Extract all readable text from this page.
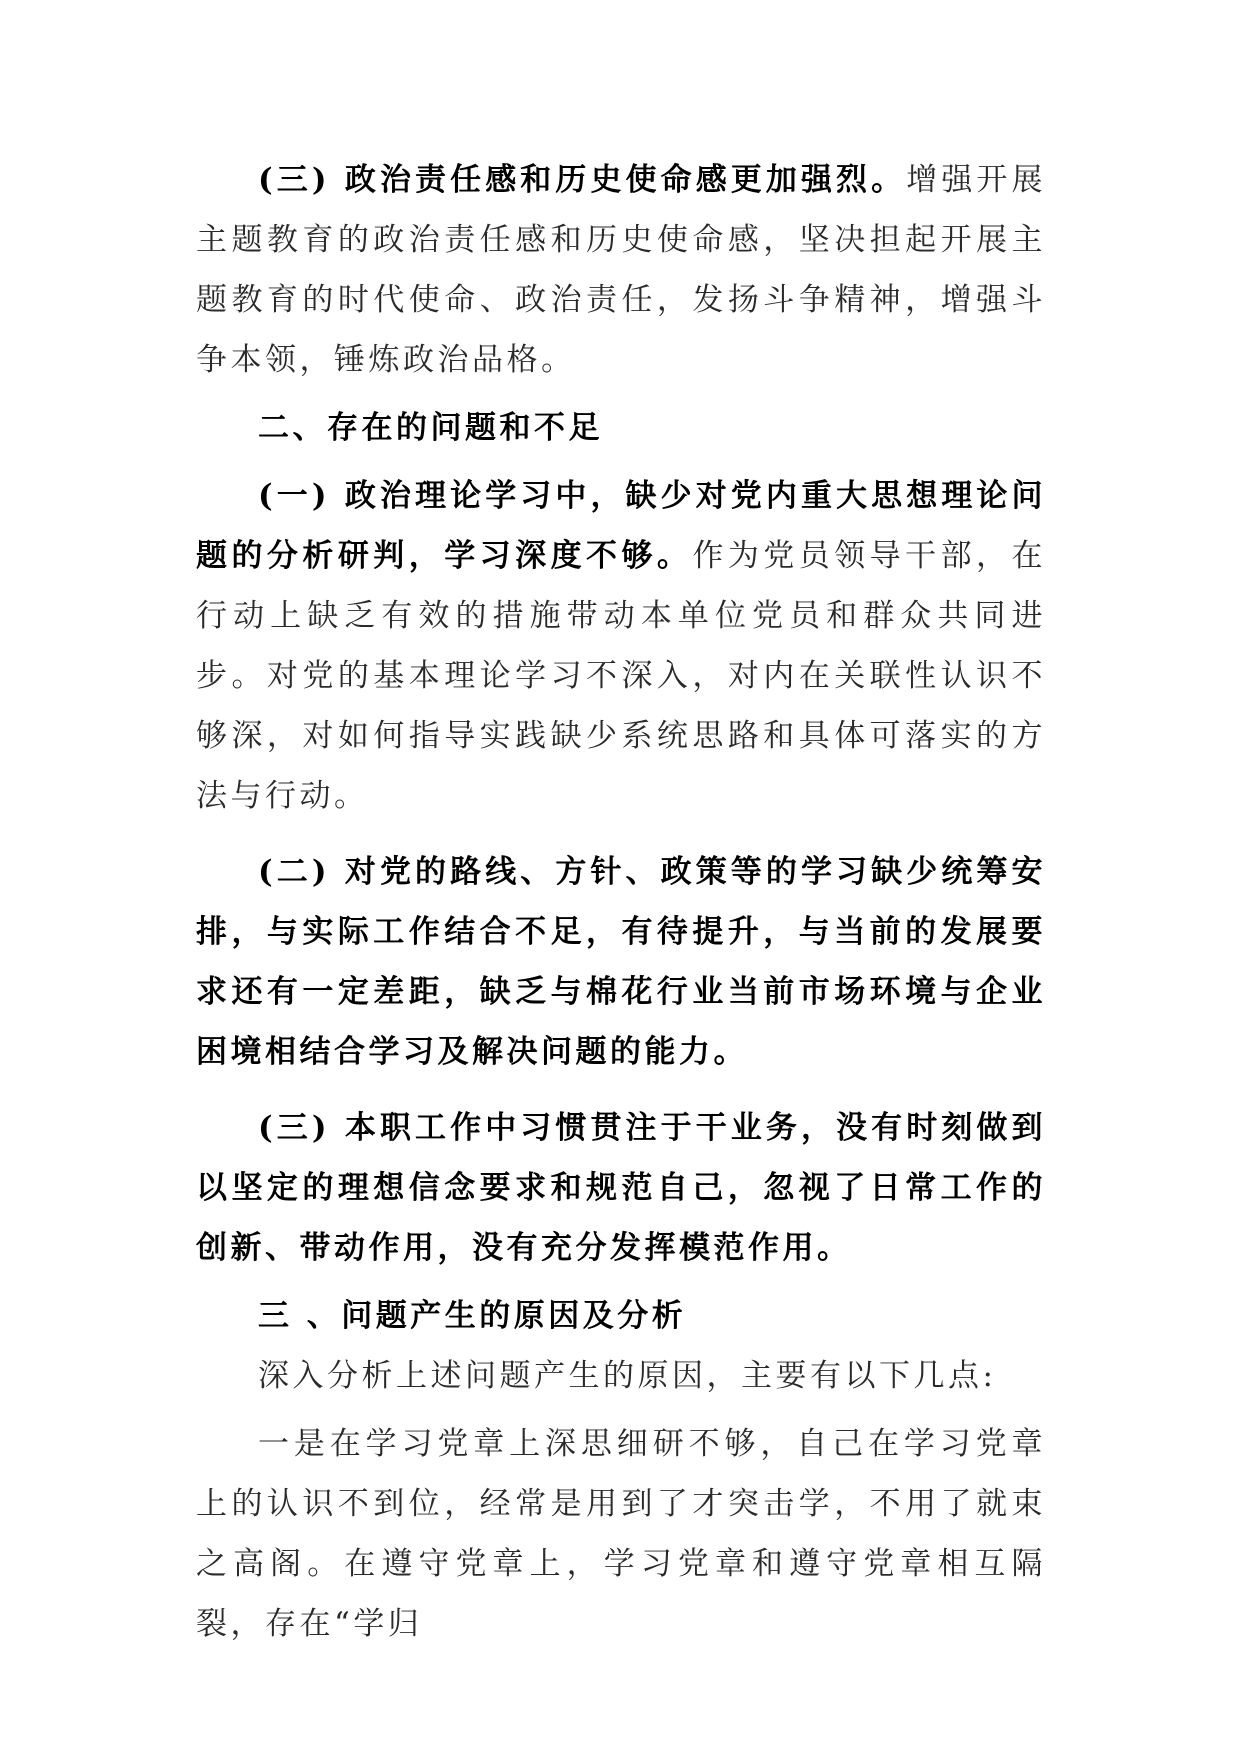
(三) 政治责任感和历史使命感更加强烈。增强开展主题教育的政治责任感和历史使命感，坚决担起开展主题教育的时代使命、政治责任，发扬斗争精神，增强斗争本领，锤炼政治品格。

二、存在的问题和不足

(一) 政治理论学习中，缺少对党内重大思想理论问题的分析研判，学习深度不够。作为党员领导干部，在行动上缺乏有效的措施带动本单位党员和群众共同进步。对党的基本理论学习不深入，对内在关联性认识不够深，对如何指导实践缺少系统思路和具体可落实的方法与行动。

(二) 对党的路线、方针、政策等的学习缺少统筹安排，与实际工作结合不足，有待提升，与当前的发展要求还有一定差距，缺乏与棉花行业当前市场环境与企业困境相结合学习及解决问题的能力。

(三) 本职工作中习惯贯注于干业务，没有时刻做到以坚定的理想信念要求和规范自己，忽视了日常工作的创新、带动作用，没有充分发挥模范作用。

三 、问题产生的原因及分析

深入分析上述问题产生的原因，主要有以下几点:

一是在学习党章上深思细研不够，自己在学习党章上的认识不到位，经常是用到了才突击学，不用了就束之高阁。在遵守党章上，学习党章和遵守党章相互隔裂，存在“学归
